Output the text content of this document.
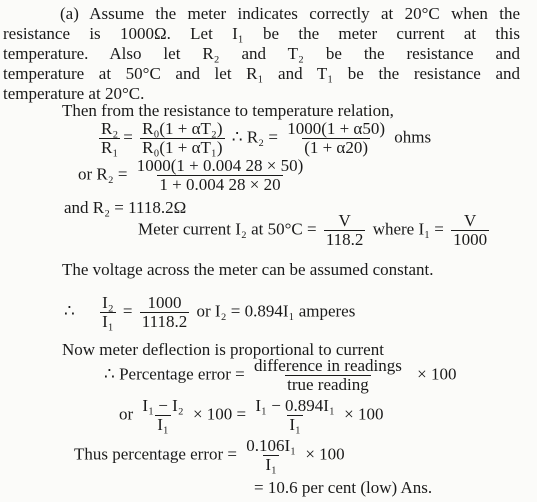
(a) Assume the meter indicates correctly at 20°C when the
resistance is 1000Ω. Let I₁ be the meter current at this
temperature. Also let R₂ and T₂ be the resistance and
temperature at 50°C and let R₁ and T₁ be the resistance and
temperature at 20°C.
Then from the resistance to temperature relation,
$\frac{\text{R₂}}{\text{R₁}} = \frac{\text{R₀(1 + αT₂)}}{\text{R₀(1 + αT₁)}}$ ∴ $R_2 = \frac{1000(1 + \alpha 50)}{(1 + \alpha 20)}$ ohms
or $R_2 = \frac{1000(1 + 0.004 28 \times 50)}{1 + 0.004 28 \times 20}$
and R₂ = 1118.2Ω
Meter current I₂ at $50^\circ C = \frac{V}{118.2}$ where $I_1 = \frac{V}{1000}$
The voltage across the meter can be assumed constant.
∴ $\frac{\text{I₂}}{\text{I₁}} = \frac{1000}{1118.2}$ or I₂ = 0.894I₁ amperes
Now meter deflection is proportional to current
∴ Percentage error = $\frac{\text{difference in readings}}{\text{true reading}} \times 100$
or $\frac{\text{I₁ − I₂}}{\text{I₁}} \times 100 = \frac{\text{I₁ − 0.894I₁}}{\text{I₁}} \times 100$
Thus percentage error = $\frac{\text{0.106I₁}}{\text{I₁}} \times 100$
= 10.6 per cent (low) Ans.
